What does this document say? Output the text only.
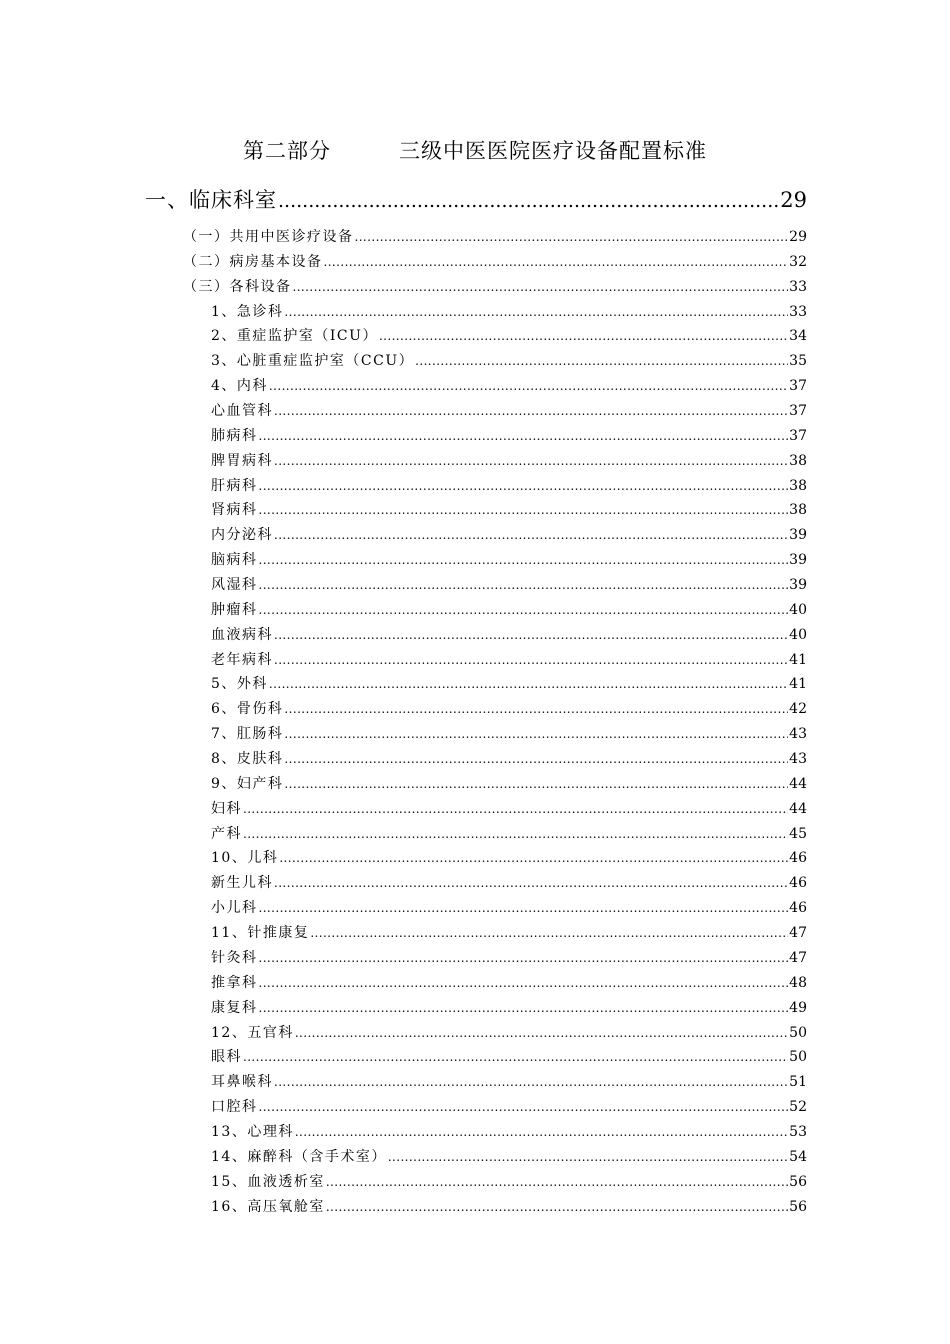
第二部分	三级中医医院医疗设备配置标准
一、临床科室 .....	29
（一）共用中医诊疗设备 .....	29
（二）病房基本设备 .....	32
（三）各科设备 .....	33
1、急诊科 .....	33
2、重症监护室（ICU） .....	34
3、心脏重症监护室（CCU） .....	35
4、内科 .....	37
心血管科 .....	37
肺病科 .....	37
脾胃病科 .....	38
肝病科 .....	38
肾病科 .....	38
内分泌科 .....	39
脑病科 .....	39
风湿科 .....	39
肿瘤科 .....	40
血液病科 .....	40
老年病科 .....	41
5、外科 .....	41
6、骨伤科 .....	42
7、肛肠科 .....	43
8、皮肤科 .....	43
9、妇产科 .....	44
妇科 .....	44
产科 .....	45
10、儿科 .....	46
新生儿科 .....	46
小儿科 .....	46
11、针推康复 .....	47
针灸科 .....	47
推拿科 .....	48
康复科 .....	49
12、五官科 .....	50
眼科 .....	50
耳鼻喉科 .....	51
口腔科 .....	52
13、心理科 .....	53
14、麻醉科（含手术室） .....	54
15、血液透析室 .....	56
16、高压氧舱室 .....	56
